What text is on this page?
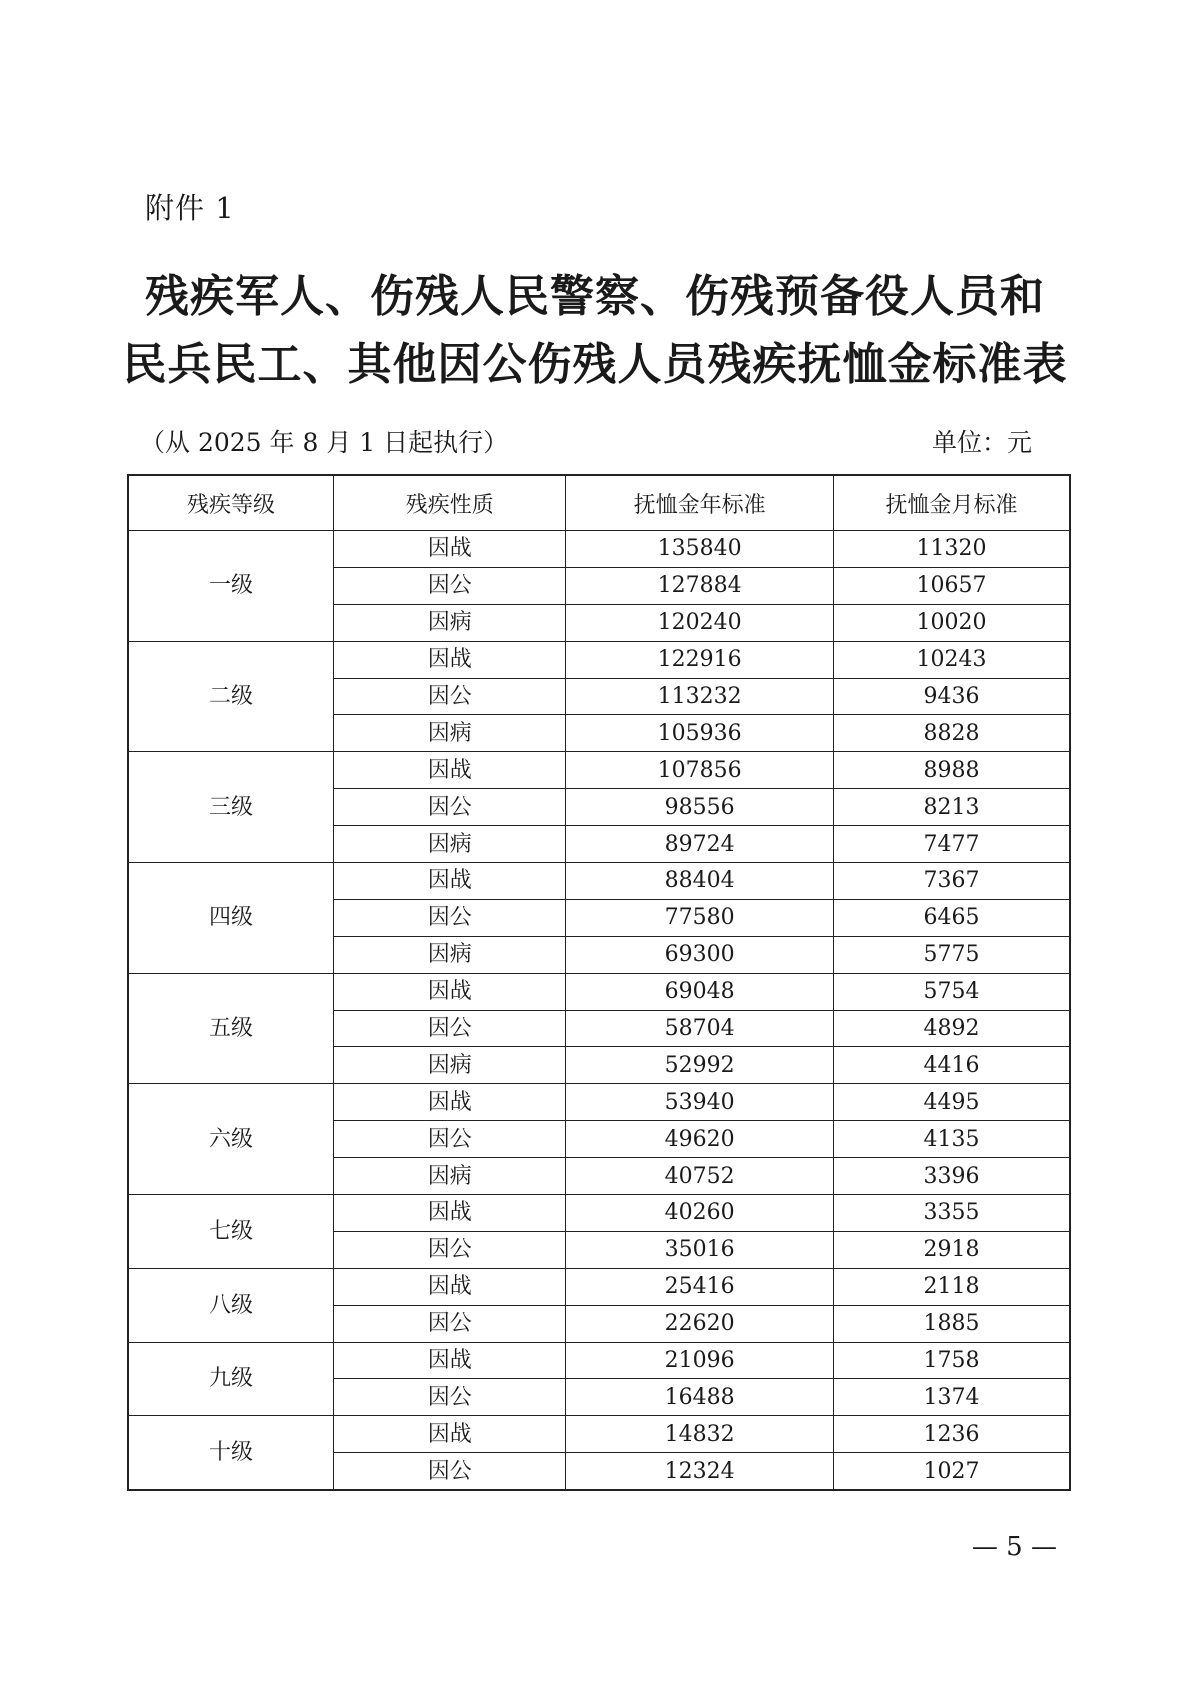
附件 1
残疾军人、伤残人民警察、伤残预备役人员和
民兵民工、其他因公伤残人员残疾抚恤金标准表
（从 2025 年 8 月 1 日起执行）	单位：元
残疾等级	残疾性质	抚恤金年标准	抚恤金月标准
一级	因战	135840	11320
	因公	127884	10657
	因病	120240	10020
二级	因战	122916	10243
	因公	113232	9436
	因病	105936	8828
三级	因战	107856	8988
	因公	98556	8213
	因病	89724	7477
四级	因战	88404	7367
	因公	77580	6465
	因病	69300	5775
五级	因战	69048	5754
	因公	58704	4892
	因病	52992	4416
六级	因战	53940	4495
	因公	49620	4135
	因病	40752	3396
七级	因战	40260	3355
	因公	35016	2918
八级	因战	25416	2118
	因公	22620	1885
九级	因战	21096	1758
	因公	16488	1374
十级	因战	14832	1236
	因公	12324	1027
— 5 —
